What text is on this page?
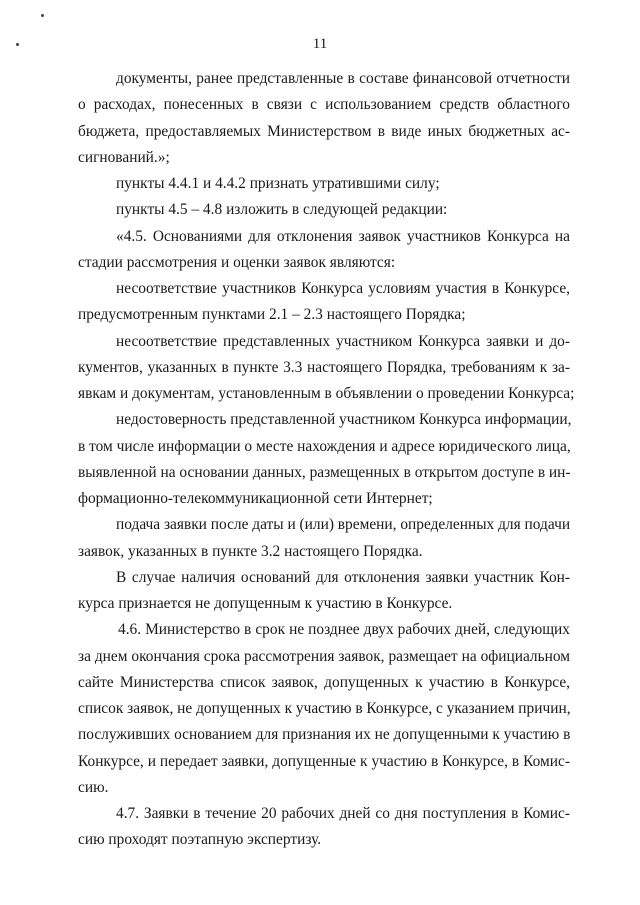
11
документы, ранее представленные в составе финансовой отчетности
о расходах, понесенных в связи с использованием средств областного
бюджета, предоставляемых Министерством в виде иных бюджетных ас-
сигнований.»;
пункты 4.4.1 и 4.4.2 признать утратившими силу;
пункты 4.5 – 4.8 изложить в следующей редакции:
«4.5. Основаниями для отклонения заявок участников Конкурса на
стадии рассмотрения и оценки заявок являются:
несоответствие участников Конкурса условиям участия в Конкурсе,
предусмотренным пунктами 2.1 – 2.3 настоящего Порядка;
несоответствие представленных участником Конкурса заявки и до-
кументов, указанных в пункте 3.3 настоящего Порядка, требованиям к за-
явкам и документам, установленным в объявлении о проведении Конкурса;
недостоверность представленной участником Конкурса информации,
в том числе информации о месте нахождения и адресе юридического лица,
выявленной на основании данных, размещенных в открытом доступе в ин-
формационно-телекоммуникационной сети Интернет;
подача заявки после даты и (или) времени, определенных для подачи
заявок, указанных в пункте 3.2 настоящего Порядка.
В случае наличия оснований для отклонения заявки участник Кон-
курса признается не допущенным к участию в Конкурсе.
4.6. Министерство в срок не позднее двух рабочих дней, следующих
за днем окончания срока рассмотрения заявок, размещает на официальном
сайте Министерства список заявок, допущенных к участию в Конкурсе,
список заявок, не допущенных к участию в Конкурсе, с указанием причин,
послуживших основанием для признания их не допущенными к участию в
Конкурсе, и передает заявки, допущенные к участию в Конкурсе, в Комис-
сию.
4.7. Заявки в течение 20 рабочих дней со дня поступления в Комис-
сию проходят поэтапную экспертизу.
